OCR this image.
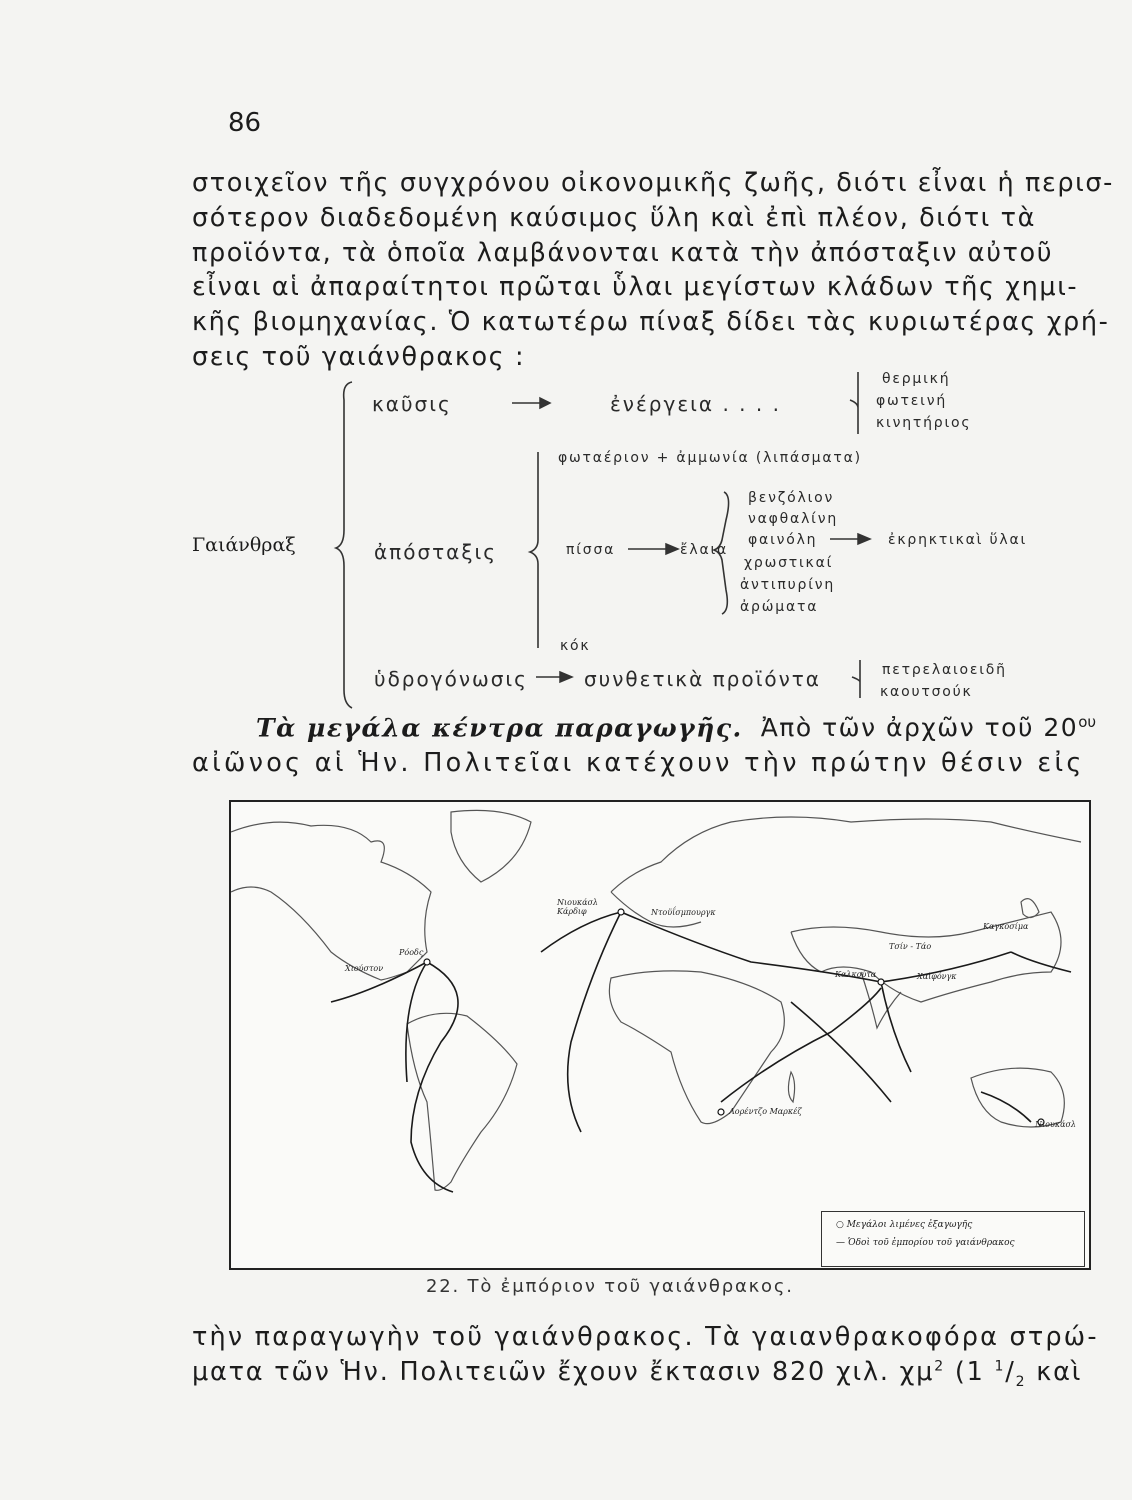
86
στοιχεῖον τῆς συγχρόνου οἰκονομικῆς ζωῆς, διότι εἶναι ἡ περισ-
σότερον διαδεδομένη καύσιμος ὕλη καὶ ἐπὶ πλέον, διότι τὰ
προϊόντα, τὰ ὁποῖα λαμβάνονται κατὰ τὴν ἀπόσταξιν αὐτοῦ
εἶναι αἱ ἀπαραίτητοι πρῶται ὗλαι μεγίστων κλάδων τῆς χημι-
κῆς βιομηχανίας. Ὁ κατωτέρω πίναξ δίδει τὰς κυριωτέρας χρή-
σεις τοῦ γαιάνθρακος :
καῦσις	ἐνέργεια . . . .
θερμική
φωτεινή
κινητήριος
φωταέριον + ἀμμωνία (λιπάσματα)
Γαιάνθραξ	ἀπόσταξις	πίσσα	ἔλαια
βενζόλιον
ναφθαλίνη
φαινόλη	ἐκρηκτικαὶ ὕλαι
χρωστικαί
ἀντιπυρίνη
ἀρώματα
κόκ
ὑδρογόνωσις	συνθετικὰ προϊόντα	πετρελαιοειδῆ
καουτσούκ
Τὰ μεγάλα κέντρα παραγωγῆς. Ἀπὸ τῶν ἀρχῶν τοῦ $20^{o\upsilon}$
αἰῶνος αἱ Ἡν. Πολιτεῖαι κατέχουν τὴν πρώτην θέσιν εἰς
Νιουκάσλ Κάρδιφ	Ντοϋΐσμπουργκ
Ρόοδς
Χιούστον
Τσίν - Τάο
Καγκοσίμα
Καλκούτα	Χαϊφόνγκ
Λορέντζο Μαρκέζ
Νιουκάσλ
○ Μεγάλοι λιμένες ἐξαγωγῆς
— Ὁδοὶ τοῦ ἐμπορίου τοῦ γαιάνθρακος
22. Τὸ ἐμπόριον τοῦ γαιάνθρακος.
τὴν παραγωγὴν τοῦ γαιάνθρακος. Τὰ γαιανθρακοφόρα στρώ-
ματα τῶν Ἡν. Πολιτειῶν ἔχουν ἔκτασιν 820 χιλ. $\chi\mu^2$ (1 $^1/_2$ καὶ
